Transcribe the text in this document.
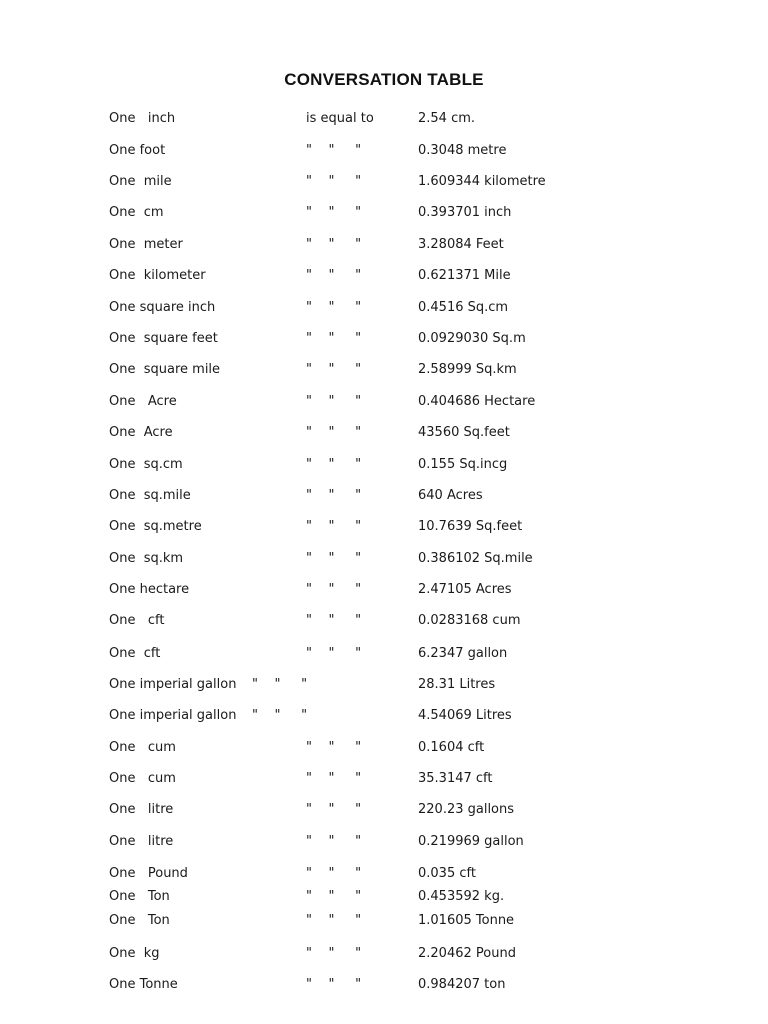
CONVERSATION TABLE
One   inch	is equal to	2.54 cm.
One foot	"    "     "	0.3048 metre
One  mile	"    "     "	1.609344 kilometre
One  cm	"    "     "	0.393701 inch
One  meter	"    "     "	3.28084 Feet
One  kilometer	"    "     "	0.621371 Mile
One square inch	"    "     "	0.4516 Sq.cm
One  square feet	"    "     "	0.0929030 Sq.m
One  square mile	"    "     "	2.58999 Sq.km
One   Acre	"    "     "	0.404686 Hectare
One  Acre	"    "     "	43560 Sq.feet
One  sq.cm	"    "     "	0.155 Sq.incg
One  sq.mile	"    "     "	640 Acres
One  sq.metre	"    "     "	10.7639 Sq.feet
One  sq.km	"    "     "	0.386102 Sq.mile
One hectare	"    "     "	2.47105 Acres
One   cft	"    "     "	0.0283168 cum
One  cft	"    "     "	6.2347 gallon
One imperial gallon "    "     "	28.31 Litres
One imperial gallon "    "     "	4.54069 Litres
One   cum	"    "     "	0.1604 cft
One   cum	"    "     "	35.3147 cft
One   litre	"    "     "	220.23 gallons
One   litre	"    "     "	0.219969 gallon
One   Pound	"    "     "	0.035 cft
One   Ton	"    "     "	0.453592 kg.
One   Ton	"    "     "	1.01605 Tonne
One  kg	"    "     "	2.20462 Pound
One Tonne	"    "     "	0.984207 ton
